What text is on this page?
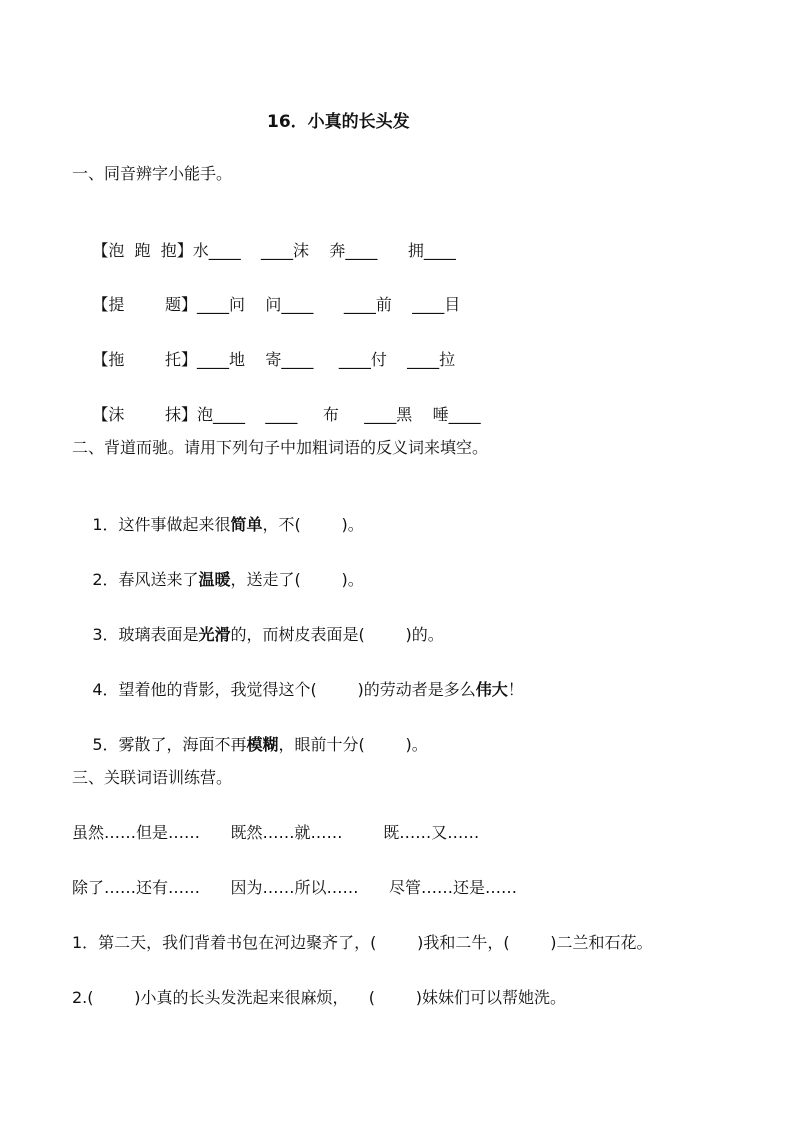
16．小真的长头发
一、同音辨字小能手。

【泡  跑  抱】水____    ____沫    奔____      拥____

【提        题】____问    问____      ____前    ____目

【拖        托】____地    寄____     ____付    ____拉

【沫        抹】泡____    ____     布     ____黑    唾____

二、背道而驰。请用下列句子中加粗词语的反义词来填空。

1．这件事做起来很简单，不(        )。

2．春风送来了温暖，送走了(        )。

3．玻璃表面是光滑的，而树皮表面是(        )的。

4．望着他的背影，我觉得这个(        )的劳动者是多么伟大！

5．雾散了，海面不再模糊，眼前十分(        )。

三、关联词语训练营。
虽然……但是……      既然……就……        既……又……
除了……还有……      因为……所以……      尽管……还是……
1．第二天，我们背着书包在河边聚齐了，(        )我和二牛，(        )二兰和石花。
2.(        )小真的长头发洗起来很麻烦，    (        )妹妹们可以帮她洗。
